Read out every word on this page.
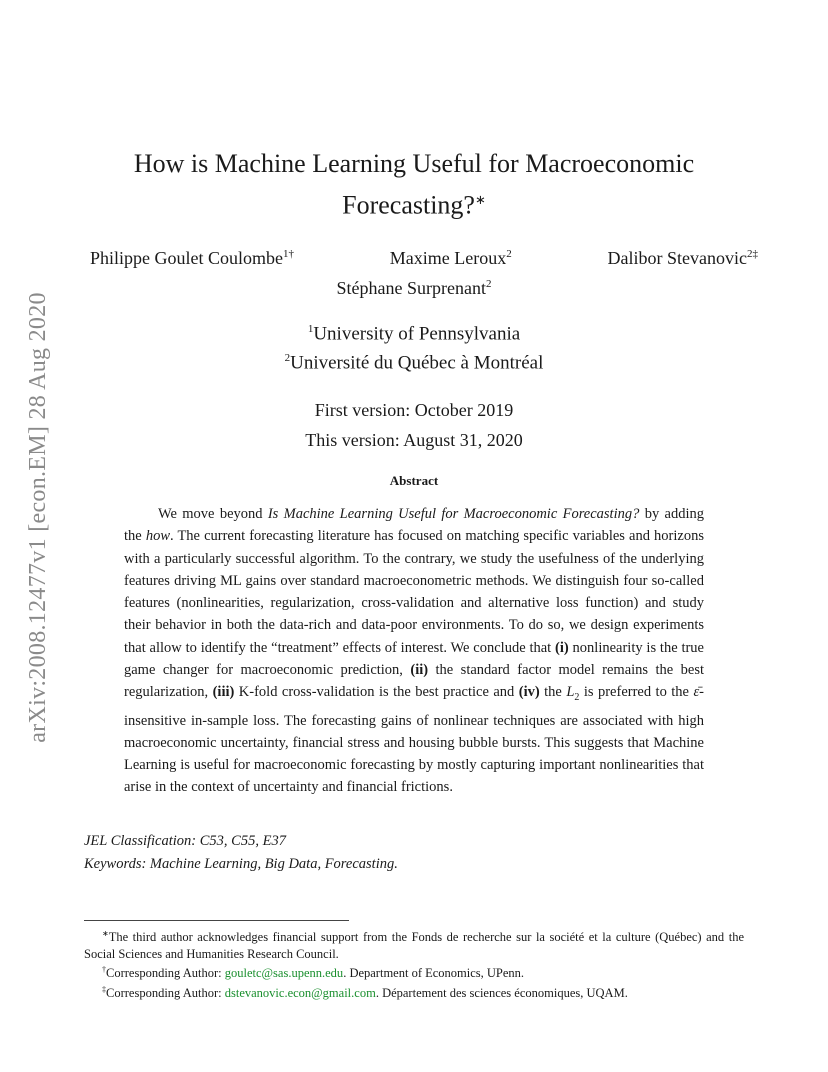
arXiv:2008.12477v1 [econ.EM] 28 Aug 2020
How is Machine Learning Useful for Macroeconomic
Forecasting?∗
Philippe Goulet Coulombe$^{1\dagger}$	Maxime Leroux$^2$	Dalibor Stevanovic$^{2\ddagger}$
Stéphane Surprenant$^2$
$^1$University of Pennsylvania
$^2$Université du Québec à Montréal
First version: October 2019
This version: August 31, 2020
Abstract
We move beyond Is Machine Learning Useful for Macroeconomic Forecasting? by adding the how. The current forecasting literature has focused on matching specific variables and horizons with a particularly successful algorithm. To the contrary, we study the usefulness of the underlying features driving ML gains over standard macroeconometric methods. We distinguish four so-called features (nonlinearities, regularization, cross-validation and alternative loss function) and study their behavior in both the data-rich and data-poor environments. To do so, we design experiments that allow to identify the “treatment” effects of interest. We conclude that (i) nonlinearity is the true game changer for macroeconomic prediction, (ii) the standard factor model remains the best regularization, (iii) K-fold cross-validation is the best practice and (iv) the $L_2$ is preferred to the ε̄-insensitive in-sample loss. The forecasting gains of nonlinear techniques are associated with high macroeconomic uncertainty, financial stress and housing bubble bursts. This suggests that Machine Learning is useful for macroeconomic forecasting by mostly capturing important nonlinearities that arise in the context of uncertainty and financial frictions.
JEL Classification: C53, C55, E37
Keywords: Machine Learning, Big Data, Forecasting.

∗The third author acknowledges financial support from the Fonds de recherche sur la société et la culture (Québec) and the Social Sciences and Humanities Research Council.

†Corresponding Author: gouletc@sas.upenn.edu. Department of Economics, UPenn.

‡Corresponding Author: dstevanovic.econ@gmail.com. Département des sciences économiques, UQAM.
